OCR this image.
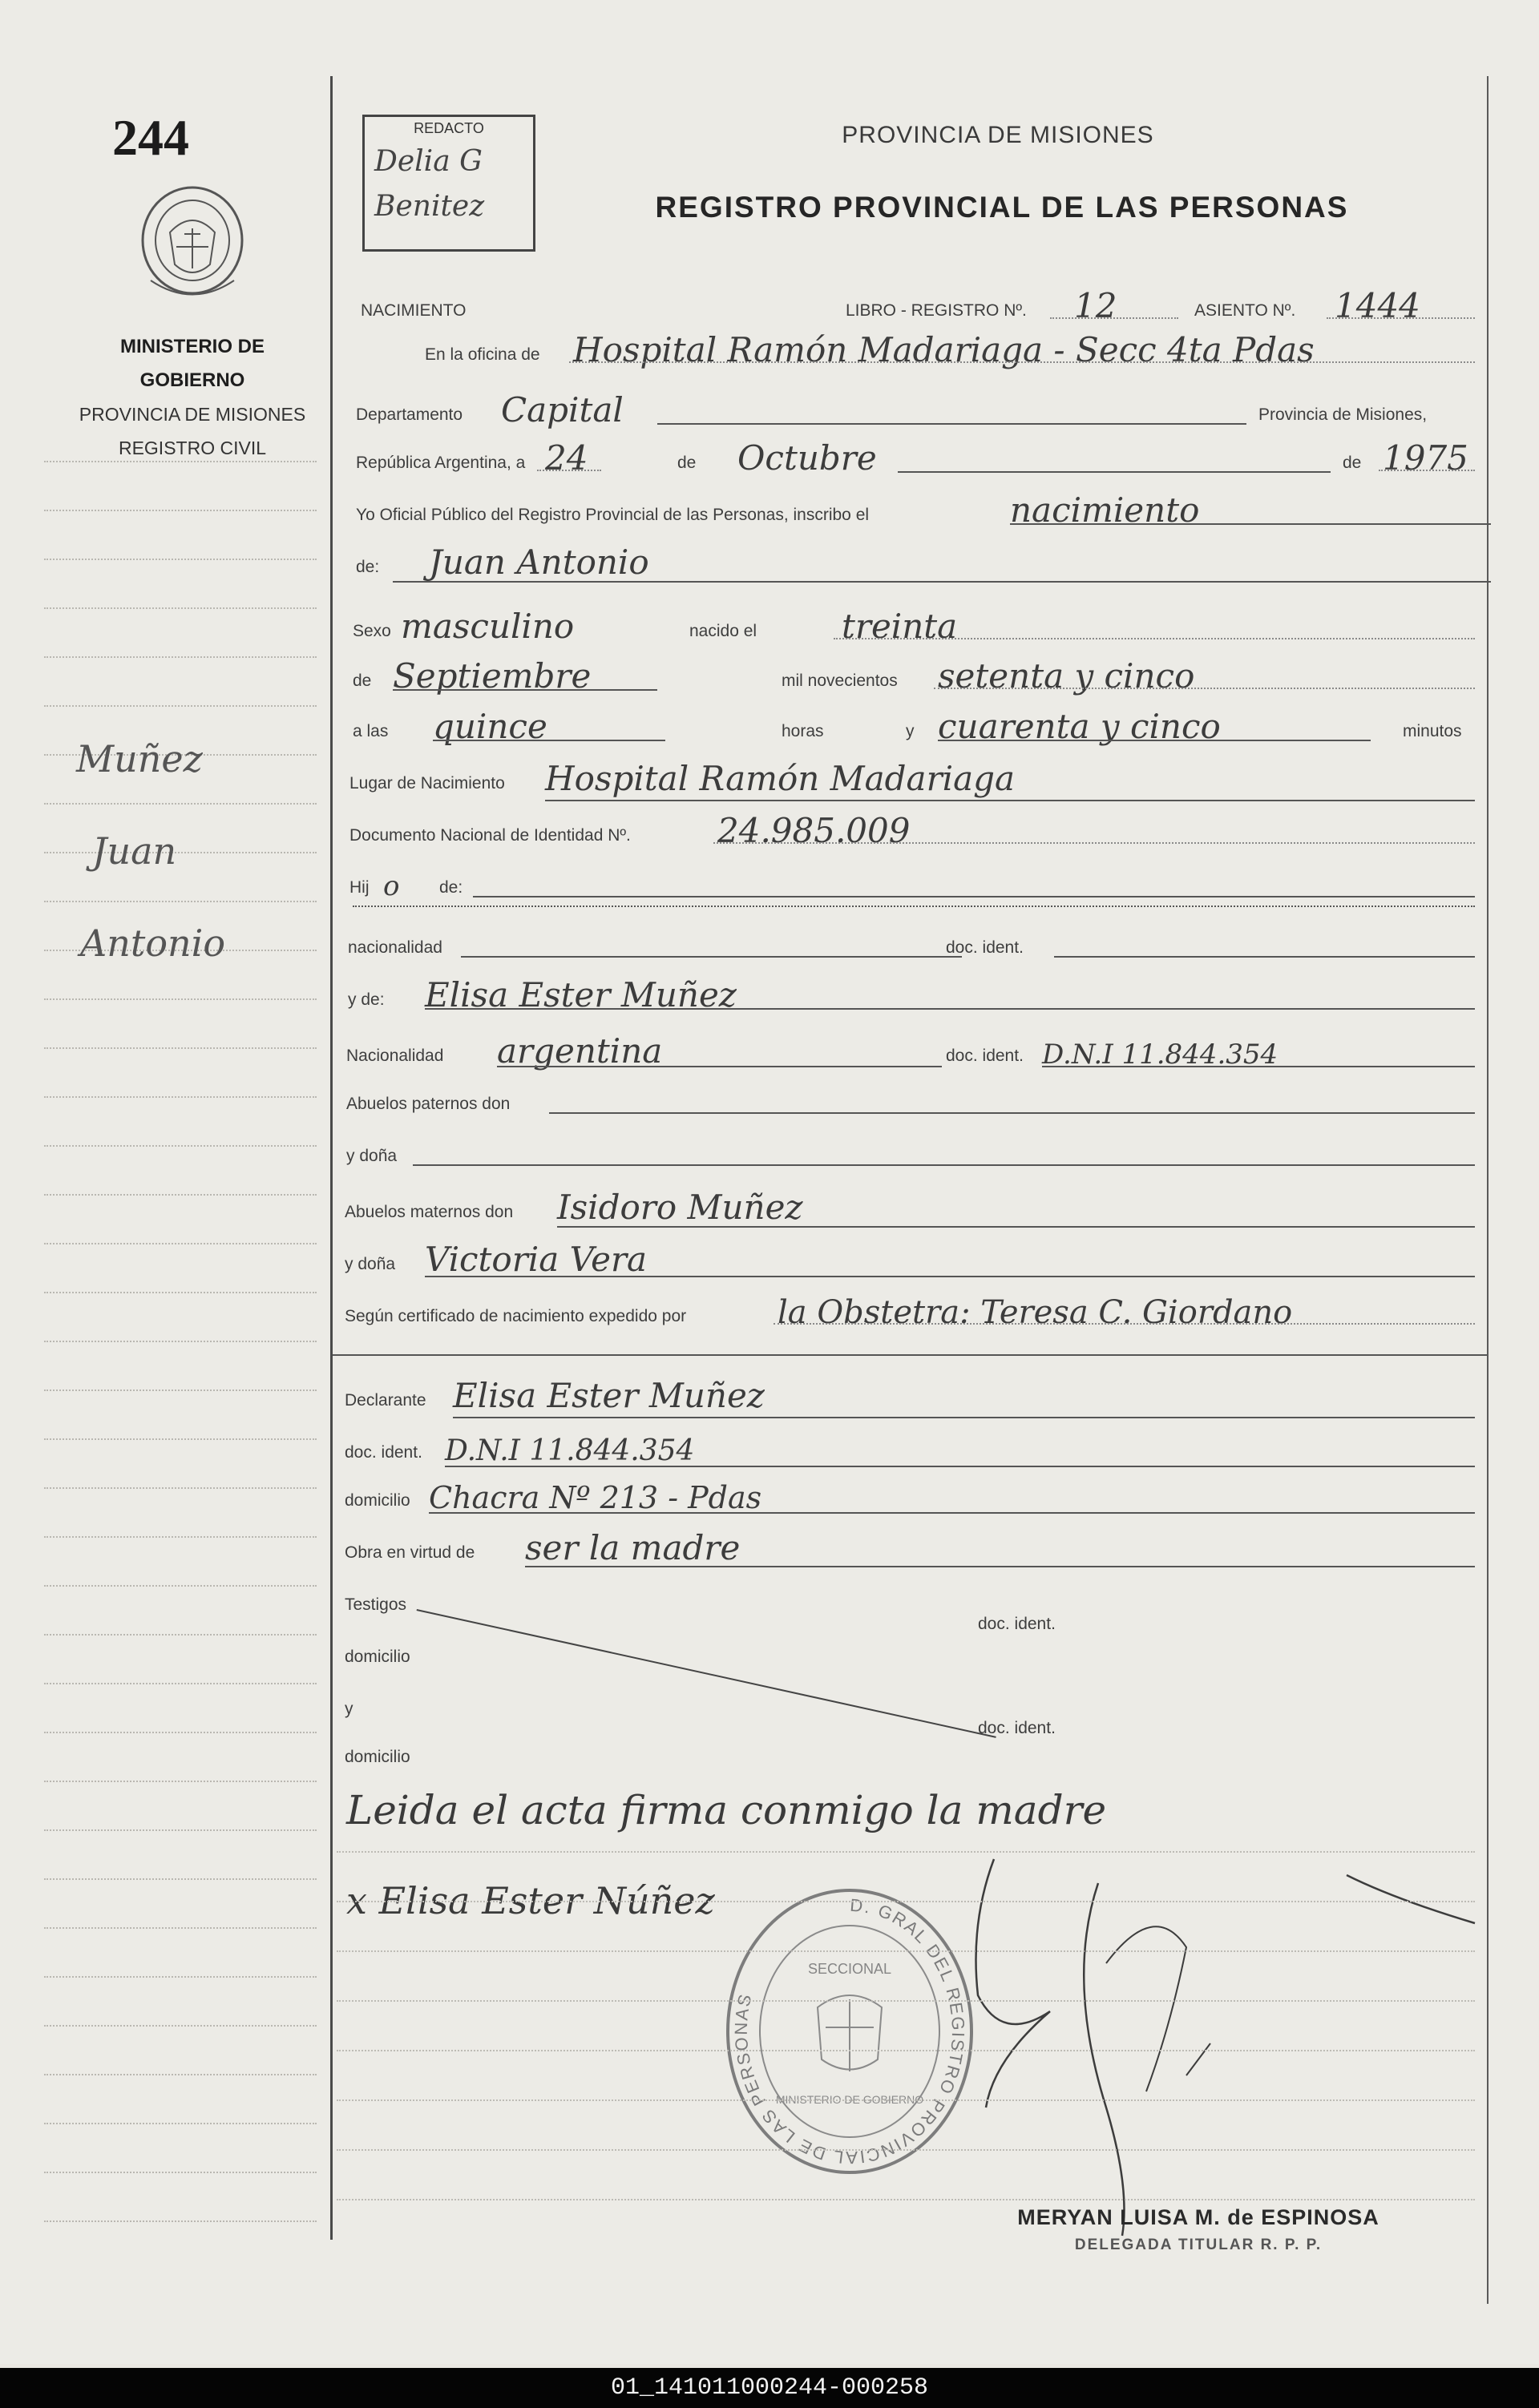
244
MINISTERIO DE GOBIERNO
PROVINCIA DE MISIONES
REGISTRO CIVIL
Muñez
Juan
Antonio
REDACTO
Delia G
Benitez
PROVINCIA DE MISIONES
REGISTRO PROVINCIAL DE LAS PERSONAS
NACIMIENTO	LIBRO - REGISTRO Nº. 12	ASIENTO Nº. 1444
En la oficina de Hospital Ramón Madariaga - Secc 4ta Pdas
Departamento Capital	Provincia de Misiones,
República Argentina, a 24	de Octubre	de 1975
Yo Oficial Público del Registro Provincial de las Personas, inscribo el	nacimiento
de: Juan Antonio
Sexo masculino	nacido el	treinta
de Septiembre	mil novecientos setenta y cinco
a las quince	horas	y cuarenta y cinco	minutos
Lugar de Nacimiento Hospital Ramón Madariaga
Documento Nacional de Identidad Nº.	24.985.009
Hij o de:
nacionalidad	doc. ident.
y de: Elisa Ester Muñez
Nacionalidad argentina	doc. ident. D.N.I 11.844.354
Abuelos paternos don
y doña
Abuelos maternos don Isidoro Muñez
y doña Victoria Vera
Según certificado de nacimiento expedido por	la Obstetra: Teresa C. Giordano
Declarante Elisa Ester Muñez
doc. ident. D.N.I 11.844.354
domicilio Chacra Nº 213 - Pdas
Obra en virtud de ser la madre
Testigos
doc. ident.
domicilio
y
doc. ident.
domicilio
Leida el acta firma conmigo la madre
x Elisa Ester Núñez	D. GRAL DEL REGISTRO PROVINCIAL DE LAS PERSONAS
SECCIONAL
MINISTERIO DE GOBIERNO
MERYAN LUISA M. de ESPINOSA
DELEGADA TITULAR R. P. P.
01_141011000244-000258
